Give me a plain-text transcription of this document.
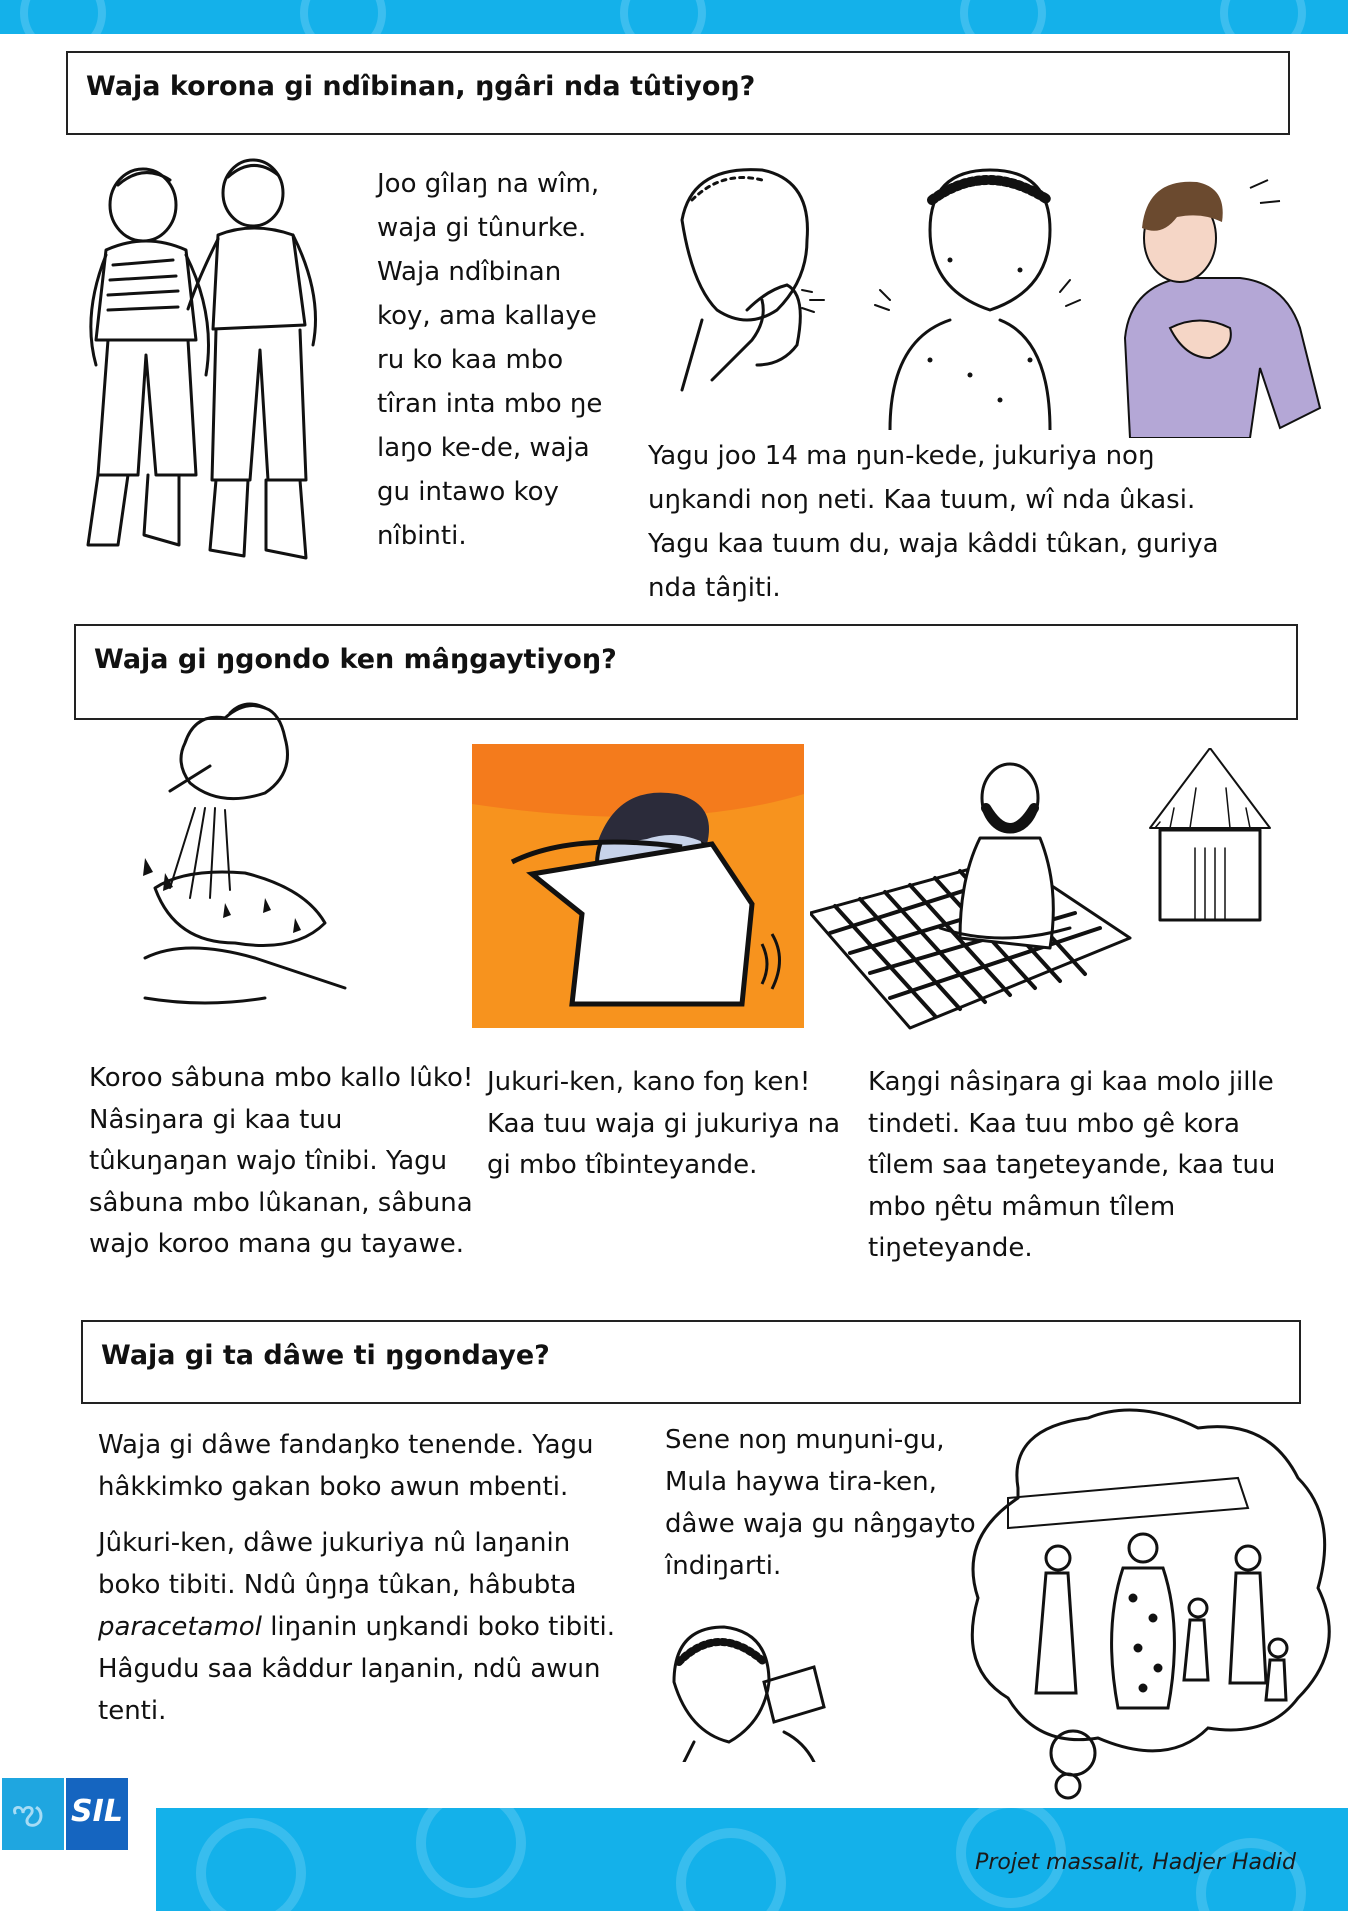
Waja korona gi ndîbinan, ŋgâri nda tûtiyoŋ?

Joo gîlaŋ na wîm, waja gi tûnurke. Waja ndîbinan koy, ama kallaye ru ko kaa mbo tîran inta mbo ŋe laŋo ke-de, waja gu intawo koy nîbinti.

Yagu joo 14 ma ŋun-kede, jukuriya noŋ uŋkandi noŋ neti. Kaa tuum, wî nda ûkasi. Yagu kaa tuum du, waja kâddi tûkan, guriya nda tâŋiti.

Waja gi ŋgondo ken mâŋgaytiyoŋ?

Koroo sâbuna mbo kallo lûko! Nâsiŋara gi kaa tuu tûkuŋaŋan wajo tînibi. Yagu sâbuna mbo lûkanan, sâbuna wajo koroo mana gu tayawe.

Jukuri-ken, kano foŋ ken! Kaa tuu waja gi jukuriya na gi mbo tîbinteyande.

Kaŋgi nâsiŋara gi kaa molo jille tindeti. Kaa tuu mbo gê kora tîlem saa taŋeteyande, kaa tuu mbo ŋêtu mâmun tîlem tiŋeteyande.

Waja gi ta dâwe ti ŋgondaye?
Waja gi dâwe fandaŋko tenende. Yagu hâkkimko gakan boko awun mbenti.
Jûkuri-ken, dâwe jukuriya nû laŋanin boko tibiti. Ndû ûŋŋa tûkan, hâbubta paracetamol liŋanin uŋkandi boko tibiti. Hâgudu saa kâddur laŋanin, ndû awun tenti.

Sene noŋ muŋuni-gu, Mula haywa tira-ken, dâwe waja gu nâŋgayto îndiŋarti.

ఌ SIL
Projet massalit, Hadjer Hadid
